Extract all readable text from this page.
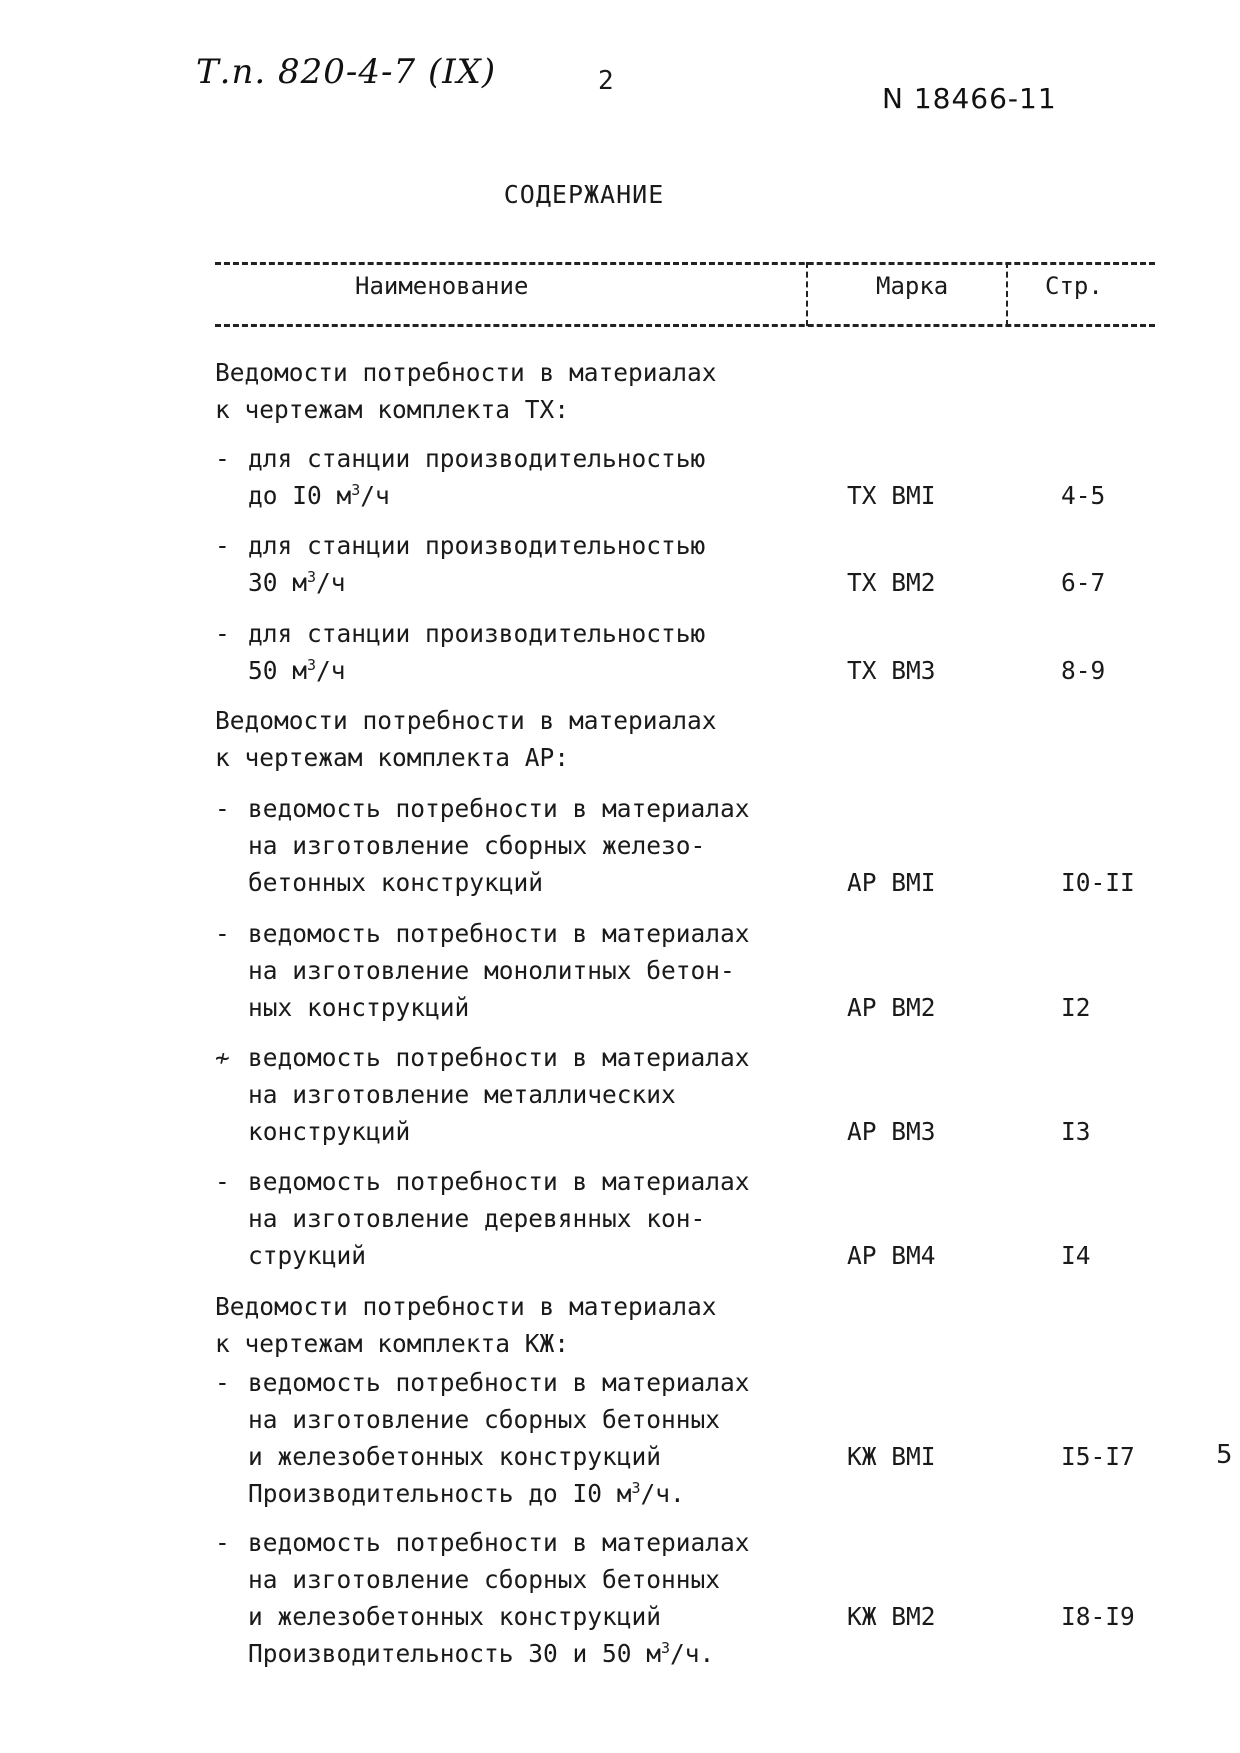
Т.п. 820-4-7 (IX)	2
N 18466-11
СОДЕРЖАНИЕ
Наименование	Марка	Стр.
Ведомости потребности в материалах
к чертежам комплекта ТХ:
- для станции производительностью
до I0 $м^3/ч$	ТХ ВМI	4-5
- для станции производительностью
30 $м^3/ч$	ТХ ВМ2	6-7
- для станции производительностью
50 $м^3/ч$	ТХ ВМ3	8-9
Ведомости потребности в материалах
к чертежам комплекта АР:
- ведомость потребности в материалах
на изготовление сборных железо-
бетонных конструкций	АР ВМI	I0-II
- ведомость потребности в материалах
на изготовление монолитных бетон-
ных конструкций	АР ВМ2	I2
≁ ведомость потребности в материалах
на изготовление металлических
конструкций	АР ВМ3	I3
- ведомость потребности в материалах
на изготовление деревянных кон-
струкций	АР ВМ4	I4
Ведомости потребности в материалах
к чертежам комплекта КЖ:
- ведомость потребности в материалах
на изготовление сборных бетонных
и железобетонных конструкций
Производительность до I0 $м^3/ч$.
КЖ ВМI	I5-I7
- ведомость потребности в материалах
на изготовление сборных бетонных
и железобетонных конструкций
Производительность 30 и 50 $м^3/ч$.
КЖ ВМ2	I8-I9
5
